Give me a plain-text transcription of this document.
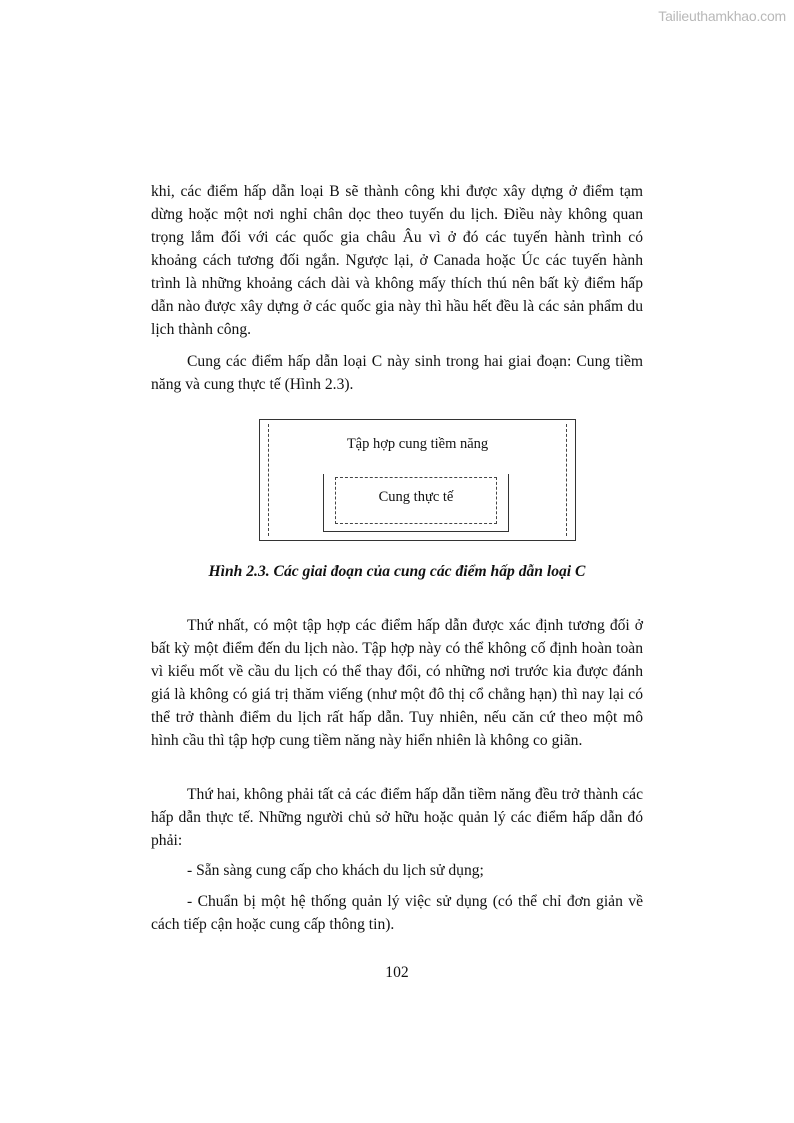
Tailieuthamkhao.com

khi, các điểm hấp dẫn loại B sẽ thành công khi được xây dựng ở điểm tạm dừng hoặc một nơi nghỉ chân dọc theo tuyến du lịch. Điều này không quan trọng lắm đối với các quốc gia châu Âu vì ở đó các tuyến hành trình có khoảng cách tương đối ngắn. Ngược lại, ở Canada hoặc Úc các tuyến hành trình là những khoảng cách dài và không mấy thích thú nên bất kỳ điểm hấp dẫn nào được xây dựng ở các quốc gia này thì hầu hết đều là các sản phẩm du lịch thành công.

Cung các điểm hấp dẫn loại C này sinh trong hai giai đoạn: Cung tiềm năng và cung thực tế (Hình 2.3).

Tập hợp cung tiềm năng
Cung thực tế
Hình 2.3. Các giai đoạn của cung các điểm hấp dẫn loại C

Thứ nhất, có một tập hợp các điểm hấp dẫn được xác định tương đối ở bất kỳ một điểm đến du lịch nào. Tập hợp này có thể không cố định hoàn toàn vì kiểu mốt về cầu du lịch có thể thay đổi, có những nơi trước kia được đánh giá là không có giá trị thăm viếng (như một đô thị cổ chẳng hạn) thì nay lại có thể trở thành điểm du lịch rất hấp dẫn. Tuy nhiên, nếu căn cứ theo một mô hình cầu thì tập hợp cung tiềm năng này hiển nhiên là không co giãn.

Thứ hai, không phải tất cả các điểm hấp dẫn tiềm năng đều trở thành các hấp dẫn thực tế. Những người chủ sở hữu hoặc quản lý các điểm hấp dẫn đó phải:

- Sẵn sàng cung cấp cho khách du lịch sử dụng;

- Chuẩn bị một hệ thống quản lý việc sử dụng (có thể chỉ đơn giản về cách tiếp cận hoặc cung cấp thông tin).

102
